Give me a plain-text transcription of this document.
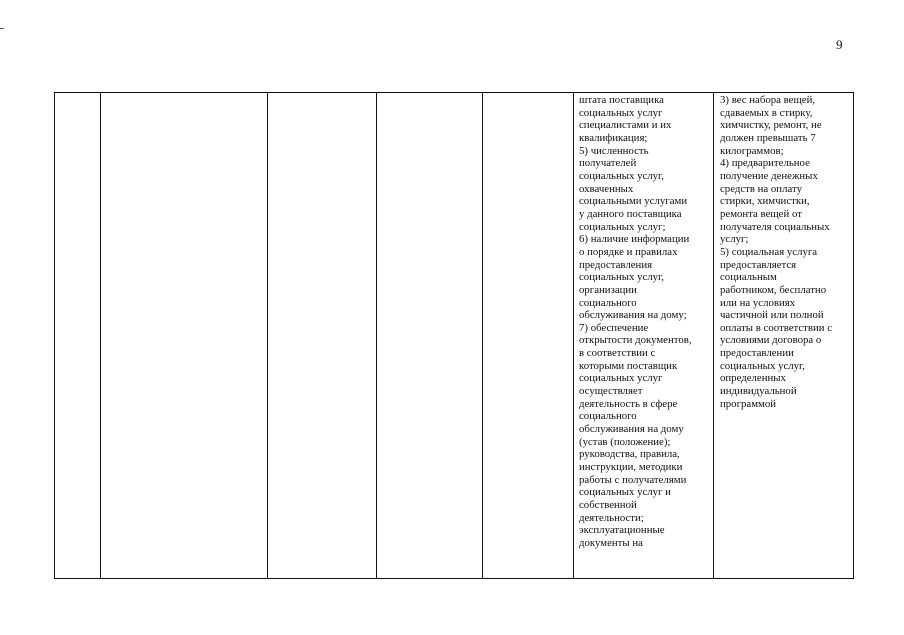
9
штата поставщика
социальных услуг
специалистами и их
квалификация;
5) численность
получателей
социальных услуг,
охваченных
социальными услугами
у данного поставщика
социальных услуг;
6) наличие информации
о порядке и правилах
предоставления
социальных услуг,
организации
социального
обслуживания на дому;
7) обеспечение
открытости документов,
в соответствии с
которыми поставщик
социальных услуг
осуществляет
деятельность в сфере
социального
обслуживания на дому
(устав (положение);
руководства, правила,
инструкции, методики
работы с получателями
социальных услуг и
собственной
деятельности;
эксплуатационные
документы на
3) вес набора вещей,
сдаваемых в стирку,
химчистку, ремонт, не
должен превышать 7
килограммов;
4) предварительное
получение денежных
средств на оплату
стирки, химчистки,
ремонта вещей от
получателя социальных
услуг;
5) социальная услуга
предоставляется
социальным
работником, бесплатно
или на условиях
частичной или полной
оплаты в соответствии с
условиями договора о
предоставлении
социальных услуг,
определенных
индивидуальной
программой
